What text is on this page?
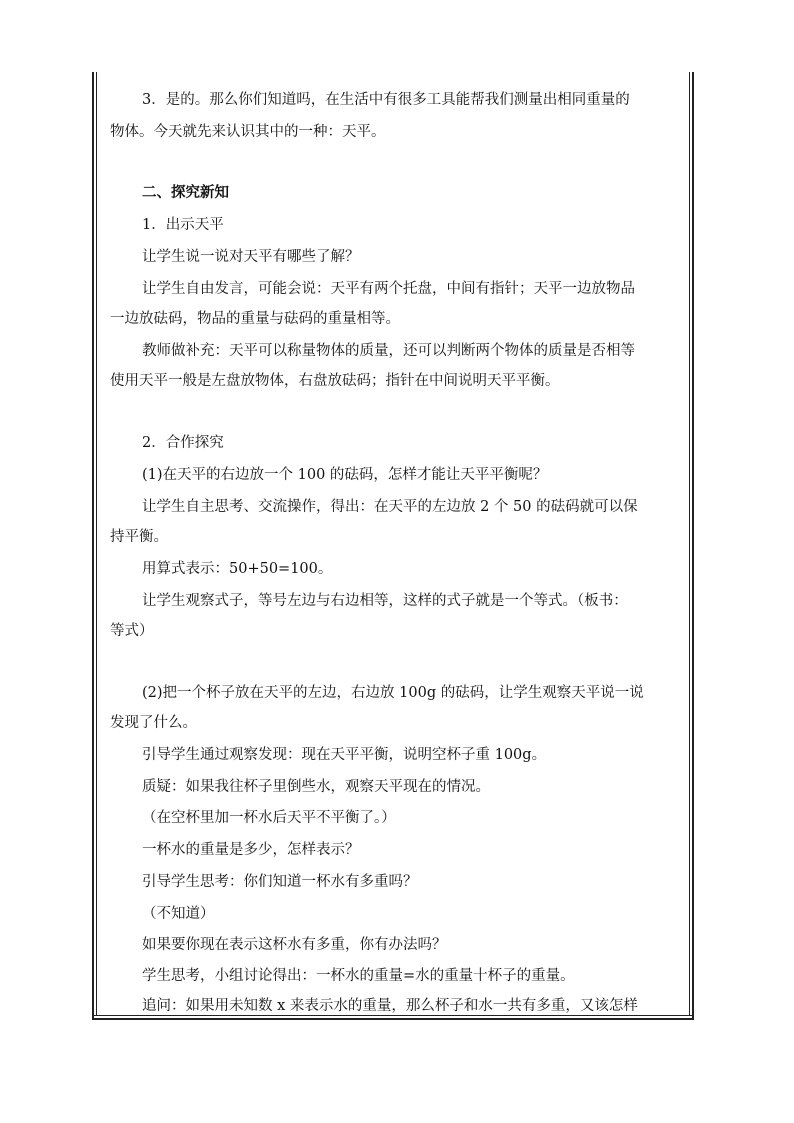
3．是的。那么你们知道吗，在生活中有很多工具能帮我们测量出相同重量的
物体。今天就先来认识其中的一种：天平。
二、探究新知
1．出示天平
让学生说一说对天平有哪些了解？
让学生自由发言，可能会说：天平有两个托盘，中间有指针；天平一边放物品
一边放砝码，物品的重量与砝码的重量相等。
教师做补充：天平可以称量物体的质量，还可以判断两个物体的质量是否相等
使用天平一般是左盘放物体，右盘放砝码；指针在中间说明天平平衡。
2．合作探究
(1)在天平的右边放一个 100 的砝码，怎样才能让天平平衡呢？
让学生自主思考、交流操作，得出：在天平的左边放 2 个 50 的砝码就可以保
持平衡。
用算式表示：50+50=100。
让学生观察式子，等号左边与右边相等，这样的式子就是一个等式。（板书：
等式）
(2)把一个杯子放在天平的左边，右边放 100g 的砝码，让学生观察天平说一说
发现了什么。
引导学生通过观察发现：现在天平平衡，说明空杯子重 100g。
质疑：如果我往杯子里倒些水，观察天平现在的情况。
（在空杯里加一杯水后天平不平衡了。）
一杯水的重量是多少，怎样表示？
引导学生思考：你们知道一杯水有多重吗？
（不知道）
如果要你现在表示这杯水有多重，你有办法吗？
学生思考，小组讨论得出：一杯水的重量=水的重量十杯子的重量。
追问：如果用未知数 x 来表示水的重量，那么杯子和水一共有多重，又该怎样
